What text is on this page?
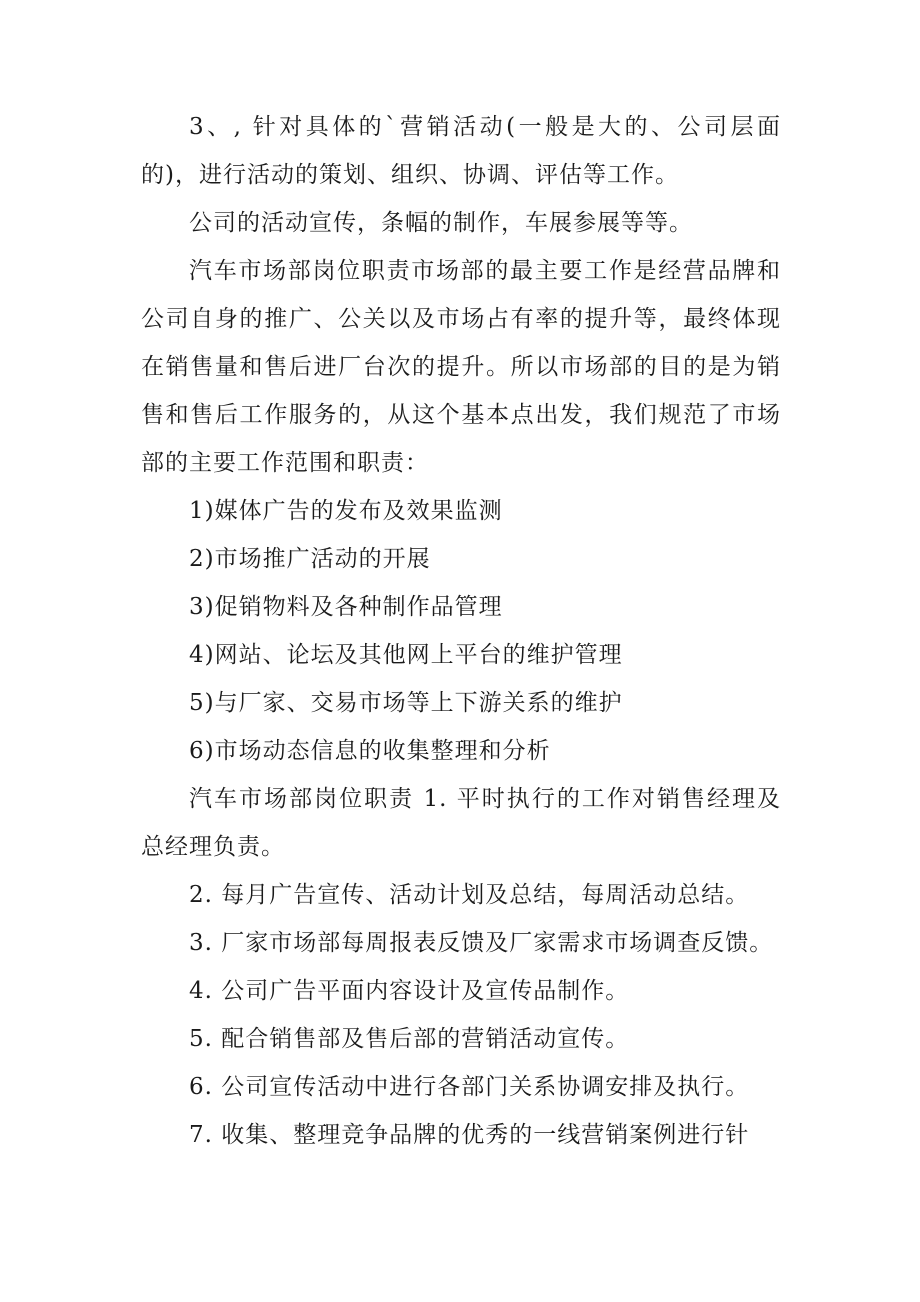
3、, 针对具体的`营销活动(一般是大的、公司层面的)，进行活动的策划、组织、协调、评估等工作。

公司的活动宣传，条幅的制作，车展参展等等。

汽车市场部岗位职责市场部的最主要工作是经营品牌和公司自身的推广、公关以及市场占有率的提升等，最终体现在销售量和售后进厂台次的提升。所以市场部的目的是为销售和售后工作服务的，从这个基本点出发，我们规范了市场部的主要工作范围和职责：

1)媒体广告的发布及效果监测

2)市场推广活动的开展

3)促销物料及各种制作品管理

4)网站、论坛及其他网上平台的维护管理

5)与厂家、交易市场等上下游关系的维护

6)市场动态信息的收集整理和分析

汽车市场部岗位职责 1. 平时执行的工作对销售经理及总经理负责。

2. 每月广告宣传、活动计划及总结，每周活动总结。

3. 厂家市场部每周报表反馈及厂家需求市场调查反馈。

4. 公司广告平面内容设计及宣传品制作。

5. 配合销售部及售后部的营销活动宣传。

6. 公司宣传活动中进行各部门关系协调安排及执行。

7. 收集、整理竞争品牌的优秀的一线营销案例进行针
